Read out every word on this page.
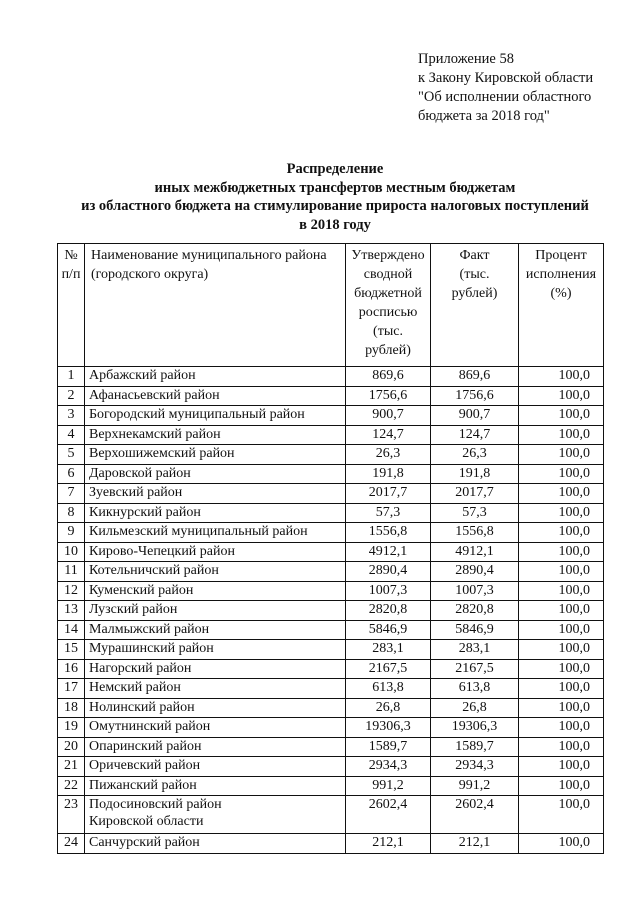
Приложение 58
к Закону Кировской области
"Об исполнении областного
бюджета за 2018 год"
Распределение
иных межбюджетных трансфертов местным бюджетам
из областного бюджета на стимулирование прироста налоговых поступлений
в 2018 году
№ п/п	Наименование муниципального района (городского округа)	Утверждено сводной бюджетной росписью (тыс. рублей)	Факт (тыс. рублей)	Процент исполнения (%)
1	Арбажский район	869,6	869,6	100,0
2	Афанасьевский район	1756,6	1756,6	100,0
3	Богородский муниципальный район	900,7	900,7	100,0
4	Верхнекамский район	124,7	124,7	100,0
5	Верхошижемский район	26,3	26,3	100,0
6	Даровской район	191,8	191,8	100,0
7	Зуевский район	2017,7	2017,7	100,0
8	Кикнурский район	57,3	57,3	100,0
9	Кильмезский муниципальный район	1556,8	1556,8	100,0
10	Кирово-Чепецкий район	4912,1	4912,1	100,0
11	Котельничский район	2890,4	2890,4	100,0
12	Куменский район	1007,3	1007,3	100,0
13	Лузский район	2820,8	2820,8	100,0
14	Малмыжский район	5846,9	5846,9	100,0
15	Мурашинский район	283,1	283,1	100,0
16	Нагорский район	2167,5	2167,5	100,0
17	Немский район	613,8	613,8	100,0
18	Нолинский район	26,8	26,8	100,0
19	Омутнинский район	19306,3	19306,3	100,0
20	Опаринский район	1589,7	1589,7	100,0
21	Оричевский район	2934,3	2934,3	100,0
22	Пижанский район	991,2	991,2	100,0
23	Подосиновский район
Кировской области	2602,4	2602,4	100,0
24	Санчурский район	212,1	212,1	100,0
